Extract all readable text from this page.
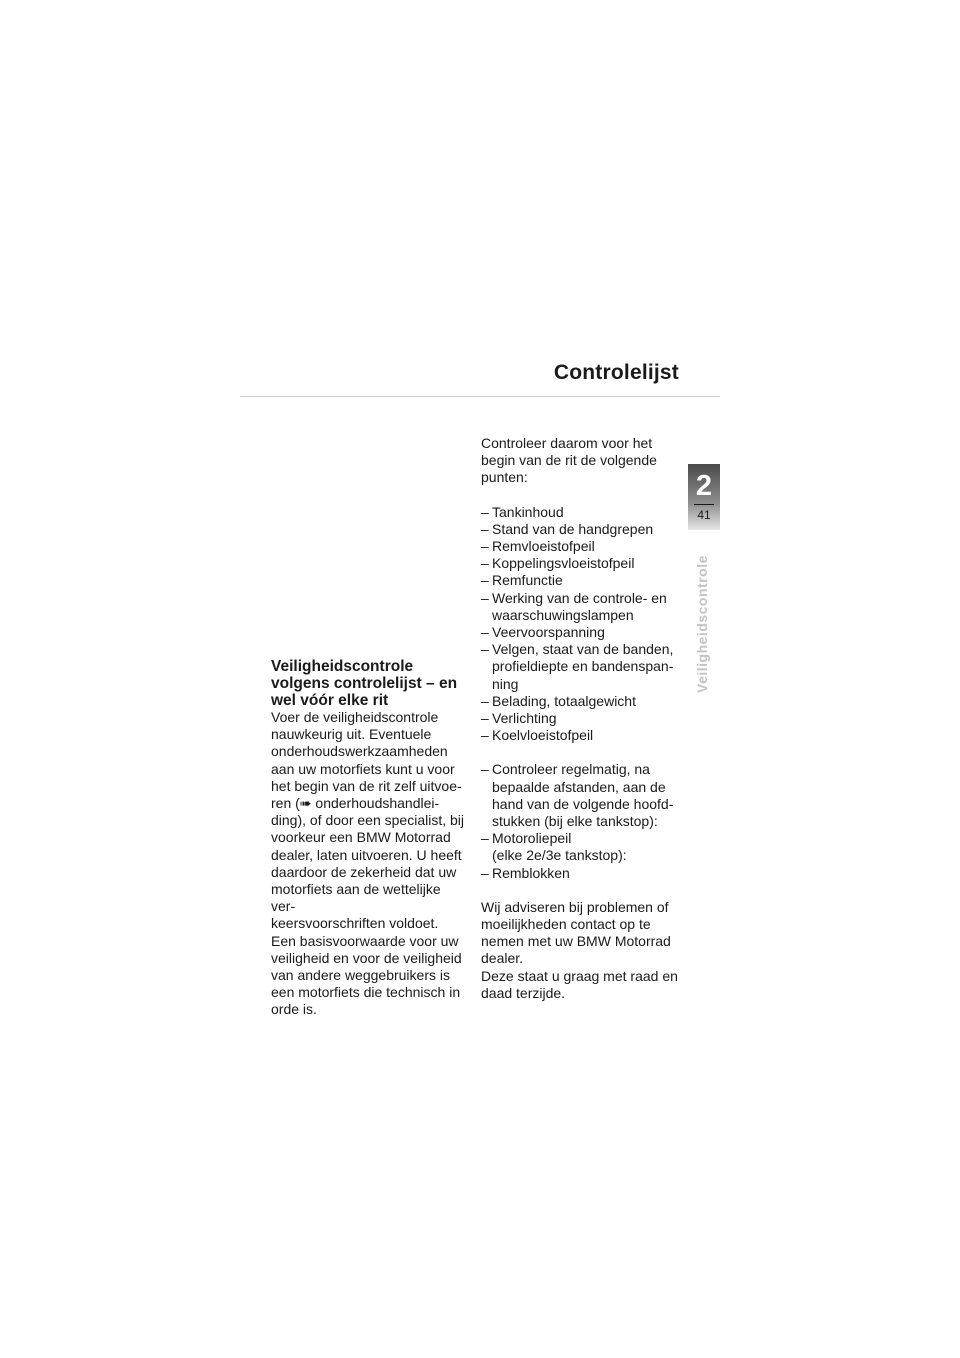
Controlelijst
2
41
Veiligheidscontrole
Veiligheidscontrole
volgens controlelijst – en
wel vóór elke rit
Voer de veiligheidscontrole
nauwkeurig uit. Eventuele
onderhoudswerkzaamheden
aan uw motorfiets kunt u voor
het begin van de rit zelf uitvoe-
ren (➠ onderhoudshandlei-
ding), of door een specialist, bij
voorkeur een BMW Motorrad
dealer, laten uitvoeren. U heeft
daardoor de zekerheid dat uw
motorfiets aan de wettelijke ver-
keersvoorschriften voldoet.
Een basisvoorwaarde voor uw
veiligheid en voor de veiligheid
van andere weggebruikers is
een motorfiets die technisch in
orde is.
Controleer daarom voor het
begin van de rit de volgende
punten:
– Tankinhoud
– Stand van de handgrepen
– Remvloeistofpeil
– Koppelingsvloeistofpeil
– Remfunctie
– Werking van de controle- en
waarschuwingslampen
– Veervoorspanning
– Velgen, staat van de banden,
profieldiepte en bandenspan-
ning
– Belading, totaalgewicht
– Verlichting
– Koelvloeistofpeil
– Controleer regelmatig, na
bepaalde afstanden, aan de
hand van de volgende hoofd-
stukken (bij elke tankstop):
– Motoroliepeil
(elke 2e/3e tankstop):
– Remblokken
Wij adviseren bij problemen of
moeilijkheden contact op te
nemen met uw BMW Motorrad
dealer.
Deze staat u graag met raad en
daad terzijde.
